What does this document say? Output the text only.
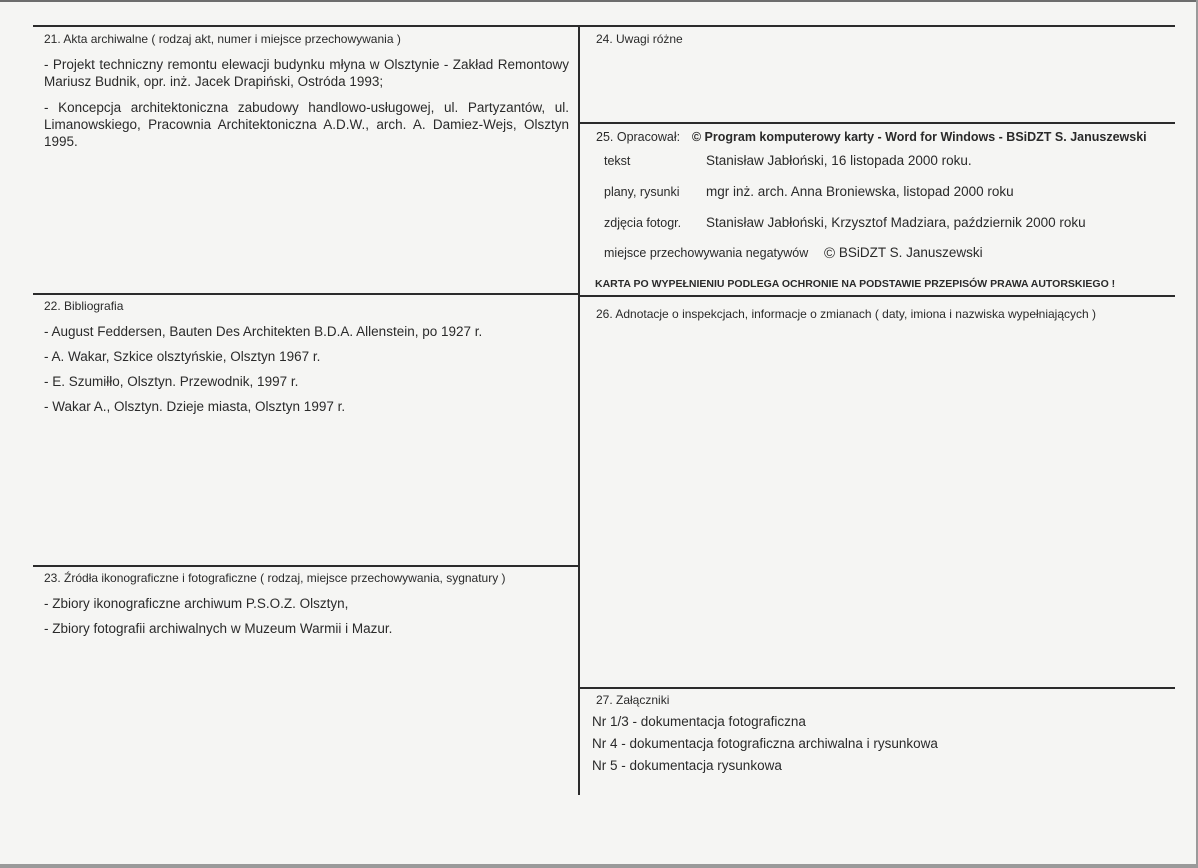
21. Akta archiwalne ( rodzaj akt, numer i miejsce przechowywania )
- Projekt techniczny remontu elewacji budynku młyna w Olsztynie - Zakład Remontowy Mariusz Budnik, opr. inż. Jacek Drapiński, Ostróda 1993;
- Koncepcja architektoniczna zabudowy handlowo-usługowej, ul. Partyzantów, ul. Limanowskiego, Pracownia Architektoniczna A.D.W., arch. A. Damiez-Wejs, Olsztyn 1995.
22. Bibliografia
- August Feddersen, Bauten Des Architekten B.D.A. Allenstein, po 1927 r.
- A. Wakar, Szkice olsztyńskie, Olsztyn 1967 r.
- E. Szumiłło, Olsztyn. Przewodnik, 1997 r.
- Wakar A., Olsztyn. Dzieje miasta, Olsztyn 1997 r.
23. Źródła ikonograficzne i fotograficzne ( rodzaj, miejsce przechowywania, sygnatury )
- Zbiory ikonograficzne archiwum P.S.O.Z. Olsztyn,
- Zbiory fotografii archiwalnych w Muzeum Warmii i Mazur.
24. Uwagi różne
25. Opracował: © Program komputerowy karty - Word for Windows - BSiDZT S. Januszewski
tekst	Stanisław Jabłoński, 16 listopada 2000 roku.
plany, rysunki mgr inż. arch. Anna Broniewska, listopad 2000 roku
zdjęcia fotogr. Stanisław Jabłoński, Krzysztof Madziara, październik 2000 roku
miejsce przechowywania negatywów © BSiDZT S. Januszewski
KARTA PO WYPEŁNIENIU PODLEGA OCHRONIE NA PODSTAWIE PRZEPISÓW PRAWA AUTORSKIEGO !
26. Adnotacje o inspekcjach, informacje o zmianach ( daty, imiona i nazwiska wypełniających )
27. Załączniki
Nr 1/3 - dokumentacja fotograficzna
Nr 4 - dokumentacja fotograficzna archiwalna i rysunkowa
Nr 5 - dokumentacja rysunkowa
